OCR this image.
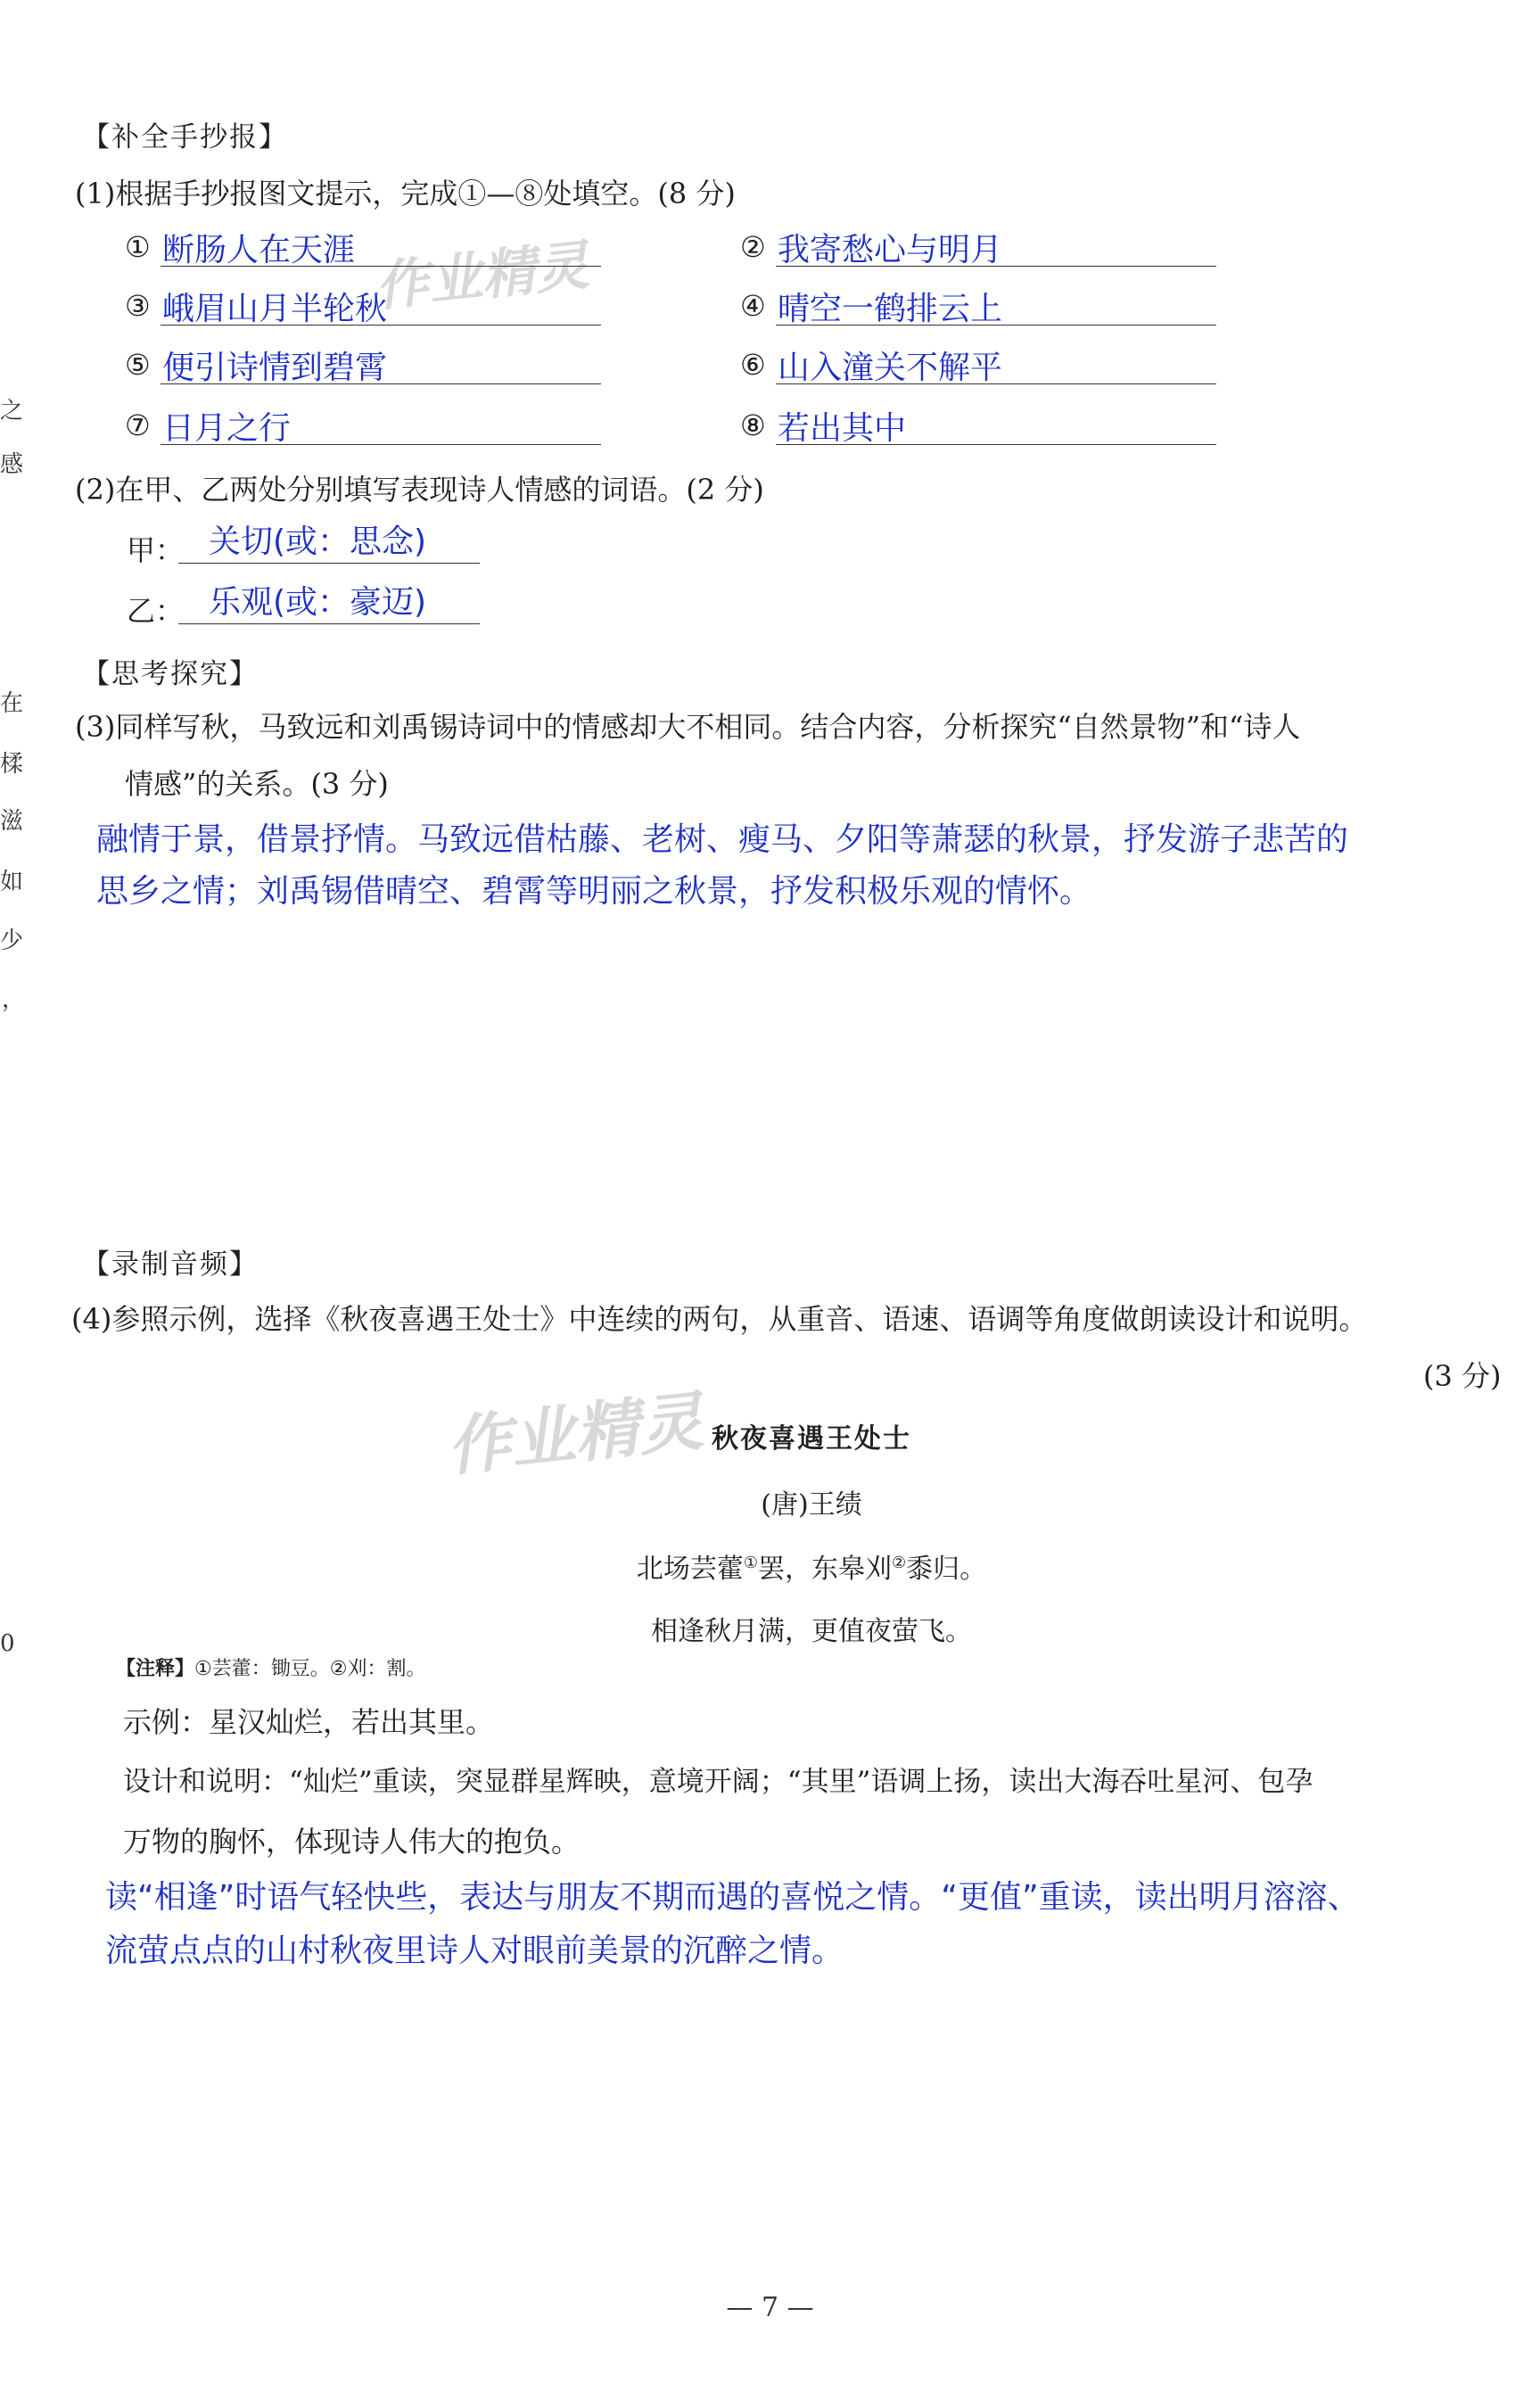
之
感
在
楺
滋
如
少
，
0
作业精灵
作业精灵
【补全手抄报】
(1)根据手抄报图文提示，完成①—⑧处填空。(8 分)
① 断肠人在天涯	② 我寄愁心与明月
③ 峨眉山月半轮秋	④ 晴空一鹤排云上
⑤ 便引诗情到碧霄	⑥ 山入潼关不解平
⑦ 日月之行	⑧ 若出其中
(2)在甲、乙两处分别填写表现诗人情感的词语。(2 分)
甲： 关切(或：思念)
乙： 乐观(或：豪迈)
【思考探究】
(3)同样写秋，马致远和刘禹锡诗词中的情感却大不相同。结合内容，分析探究“自然景物”和“诗人
情感”的关系。(3 分)
融情于景，借景抒情。马致远借枯藤、老树、瘦马、夕阳等萧瑟的秋景，抒发游子悲苦的
思乡之情；刘禹锡借晴空、碧霄等明丽之秋景，抒发积极乐观的情怀。
【录制音频】
(4)参照示例，选择《秋夜喜遇王处士》中连续的两句，从重音、语速、语调等角度做朗读设计和说明。
(3 分)
秋夜喜遇王处士
(唐)王绩
北场芸藿①罢，东皋刈②黍归。
相逢秋月满，更值夜萤飞。
【注释】①芸藿：锄豆。②刈：割。
示例：星汉灿烂，若出其里。
设计和说明：“灿烂”重读，突显群星辉映，意境开阔；“其里”语调上扬，读出大海吞吐星河、包孕
万物的胸怀，体现诗人伟大的抱负。
读“相逢”时语气轻快些，表达与朋友不期而遇的喜悦之情。“更值”重读，读出明月溶溶、
流萤点点的山村秋夜里诗人对眼前美景的沉醉之情。
— 7 —
